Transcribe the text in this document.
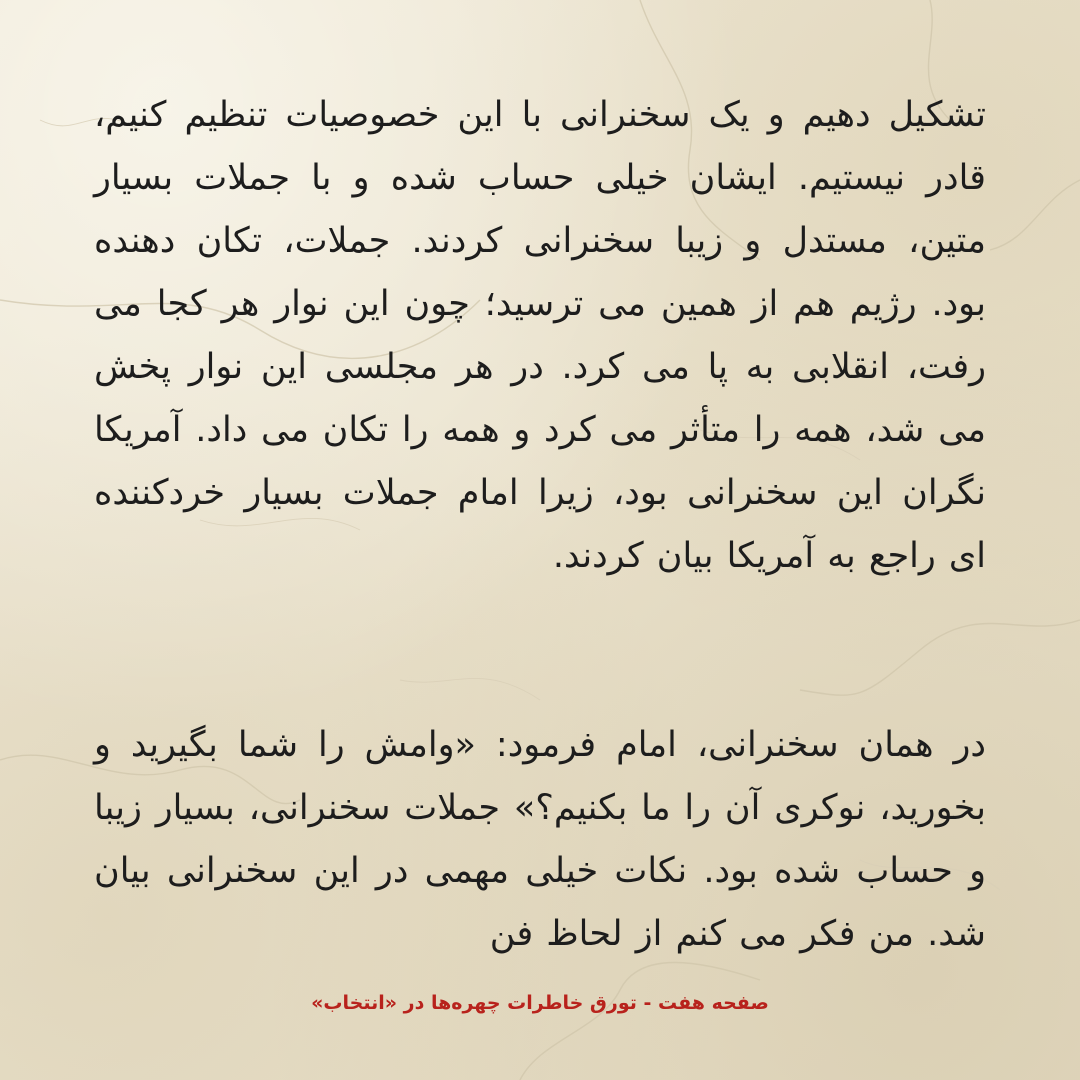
تشکیل دهیم و یک سخنرانی با این خصوصیات تنظیم کنیم، قادر نیستیم. ایشان خیلی حساب شده و با جملات بسیار متین، مستدل و زیبا سخنرانی کردند. جملات، تکان دهنده بود. رژیم هم از همین می ترسید؛ چون این نوار هر کجا می رفت، انقلابی به پا می کرد. در هر مجلسی این نوار پخش می شد، همه را متأثر می کرد و همه را تکان می داد. آمریکا نگران این سخنرانی بود، زیرا امام جملات بسیار خردکننده ای راجع به آمریکا بیان کردند.

در همان سخنرانی، امام فرمود: «وامش را شما بگیرید و بخورید، نوکری آن را ما بکنیم؟» جملات سخنرانی، بسیار زیبا و حساب شده بود. نکات خیلی مهمی در این سخنرانی بیان شد. من فکر می کنم از لحاظ فن

صفحه هفت - تورق خاطرات چهره‌ها در «انتخاب»
